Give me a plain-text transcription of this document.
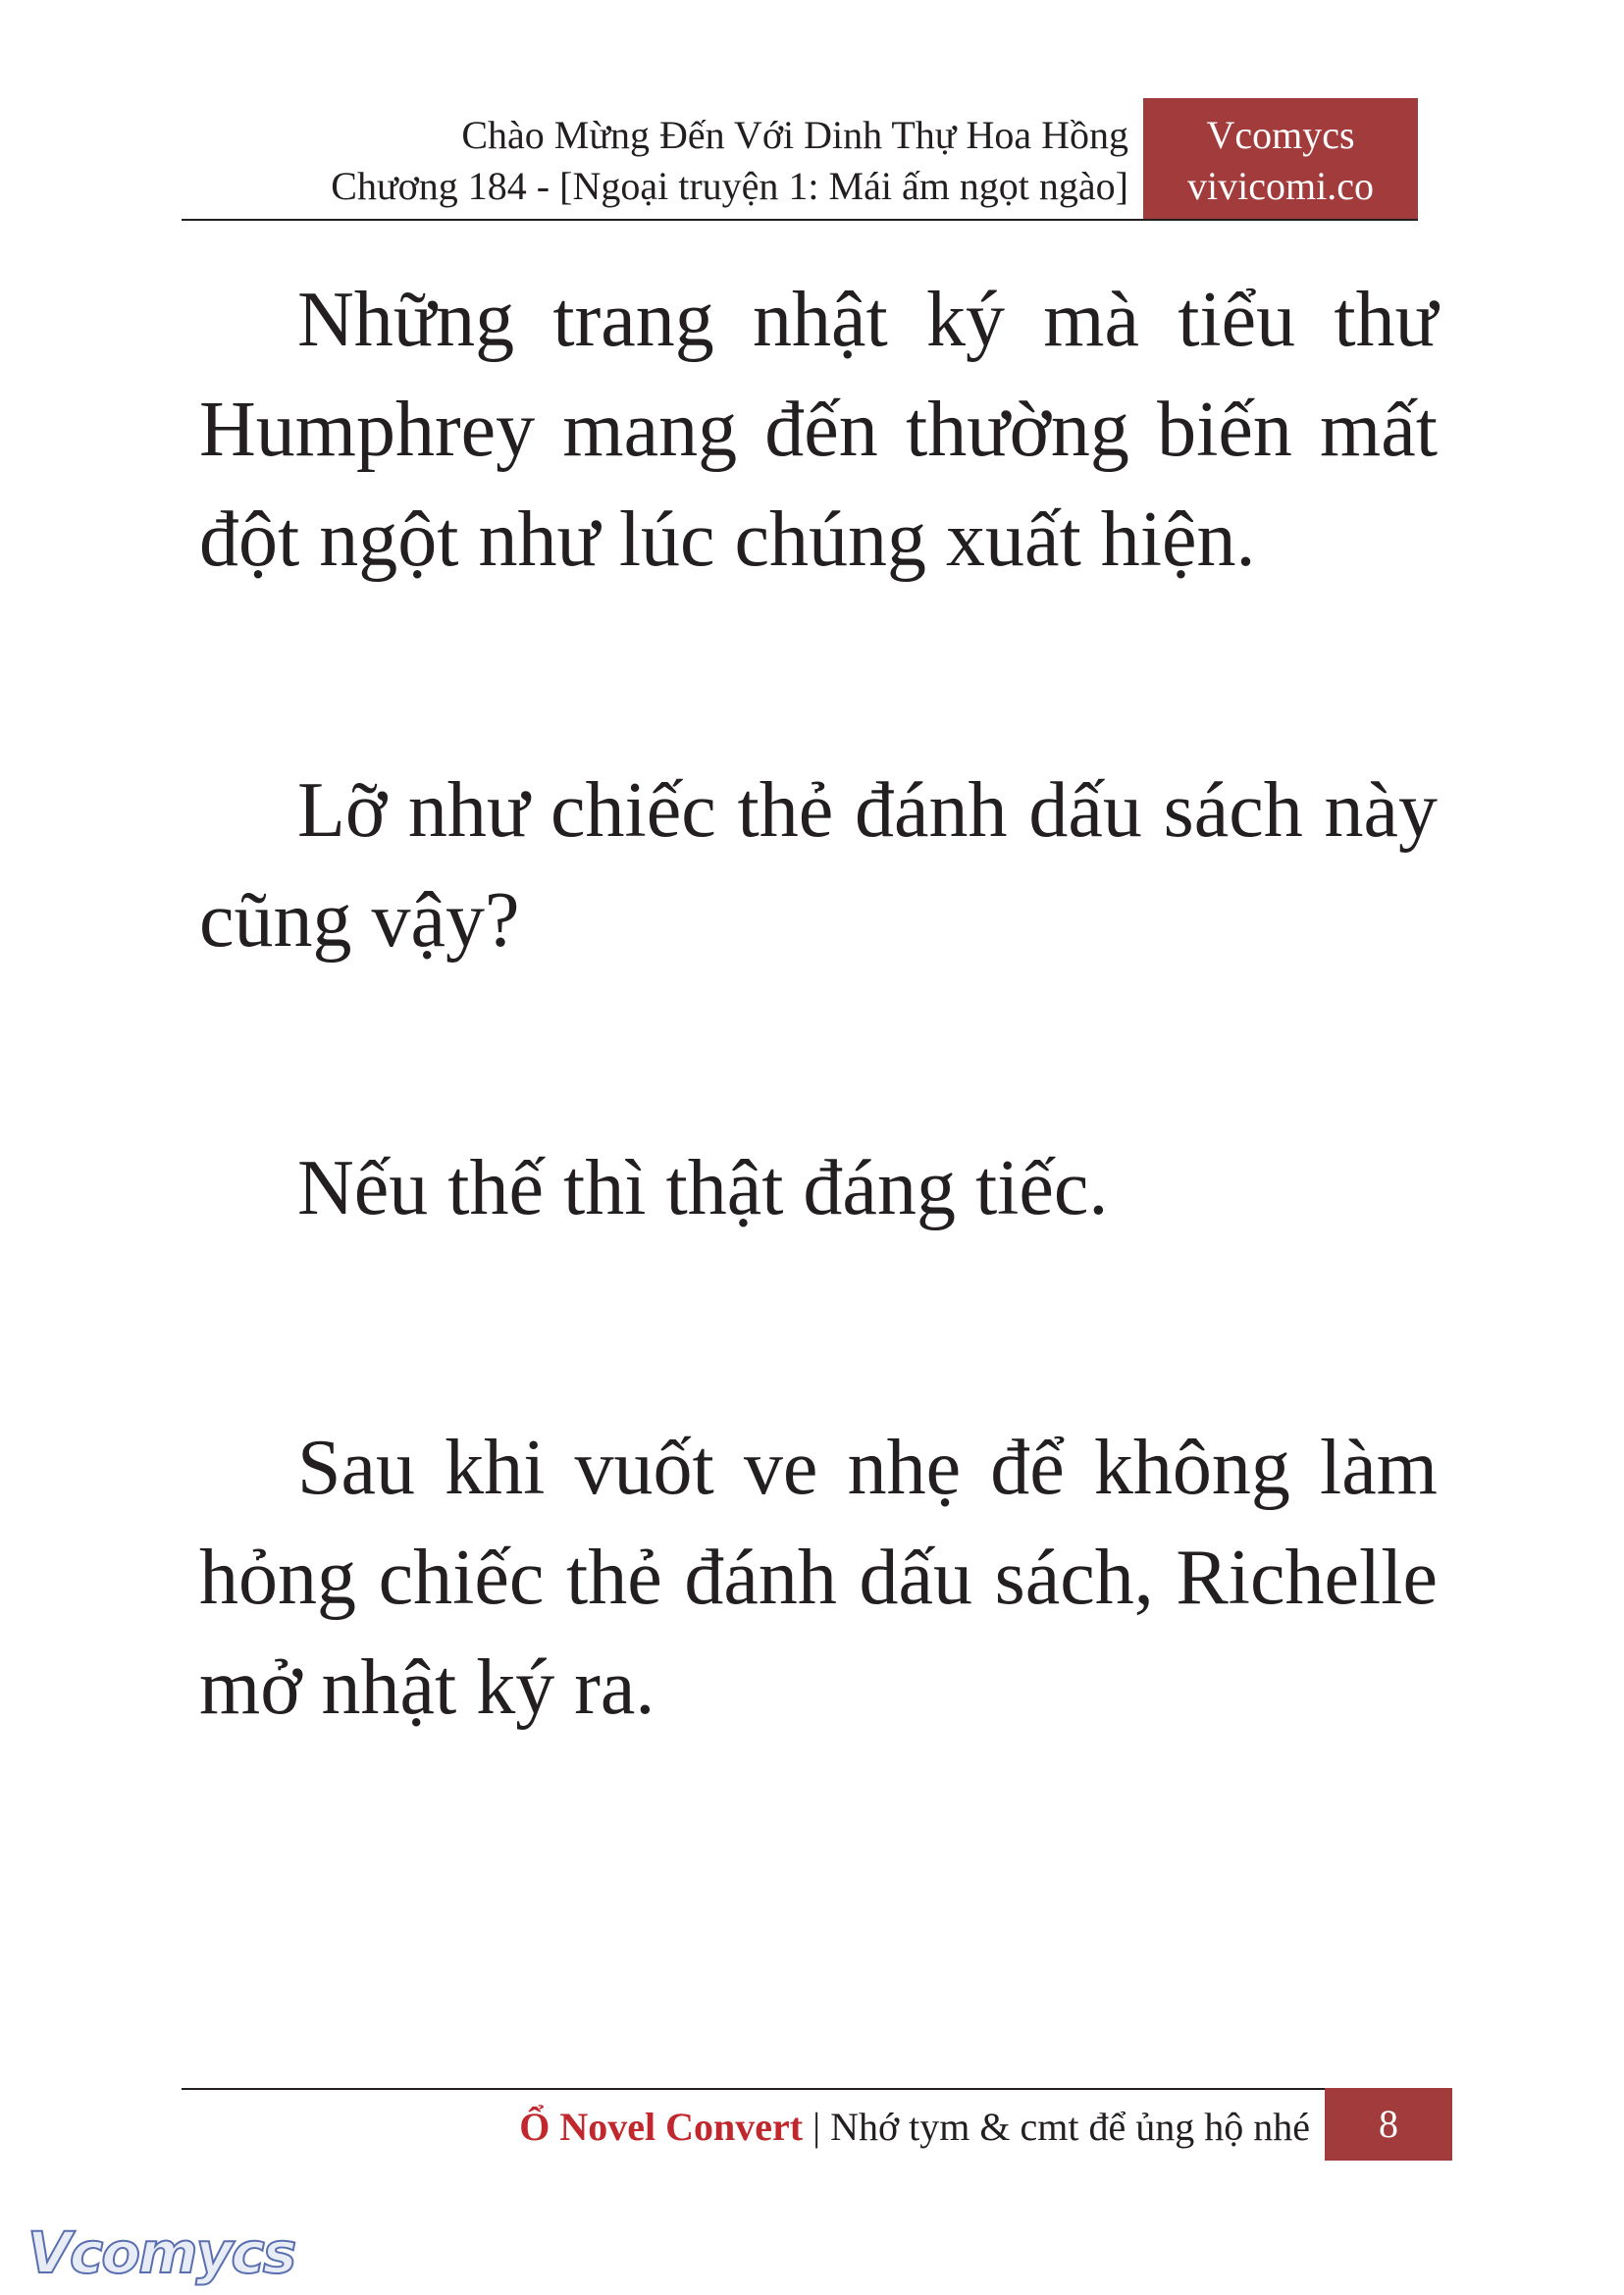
Chào Mừng Đến Với Dinh Thự Hoa Hồng
Chương 184 - [Ngoại truyện 1: Mái ấm ngọt ngào]
Vcomycs
vivicomi.co

Những trang nhật ký mà tiểu thư Humphrey mang đến thường biến mất đột ngột như lúc chúng xuất hiện.

Lỡ như chiếc thẻ đánh dấu sách này cũng vậy?

Nếu thế thì thật đáng tiếc.

Sau khi vuốt ve nhẹ để không làm hỏng chiếc thẻ đánh dấu sách, Richelle mở nhật ký ra.

Ổ Novel Convert | Nhớ tym & cmt để ủng hộ nhé	8
Vcomycs
